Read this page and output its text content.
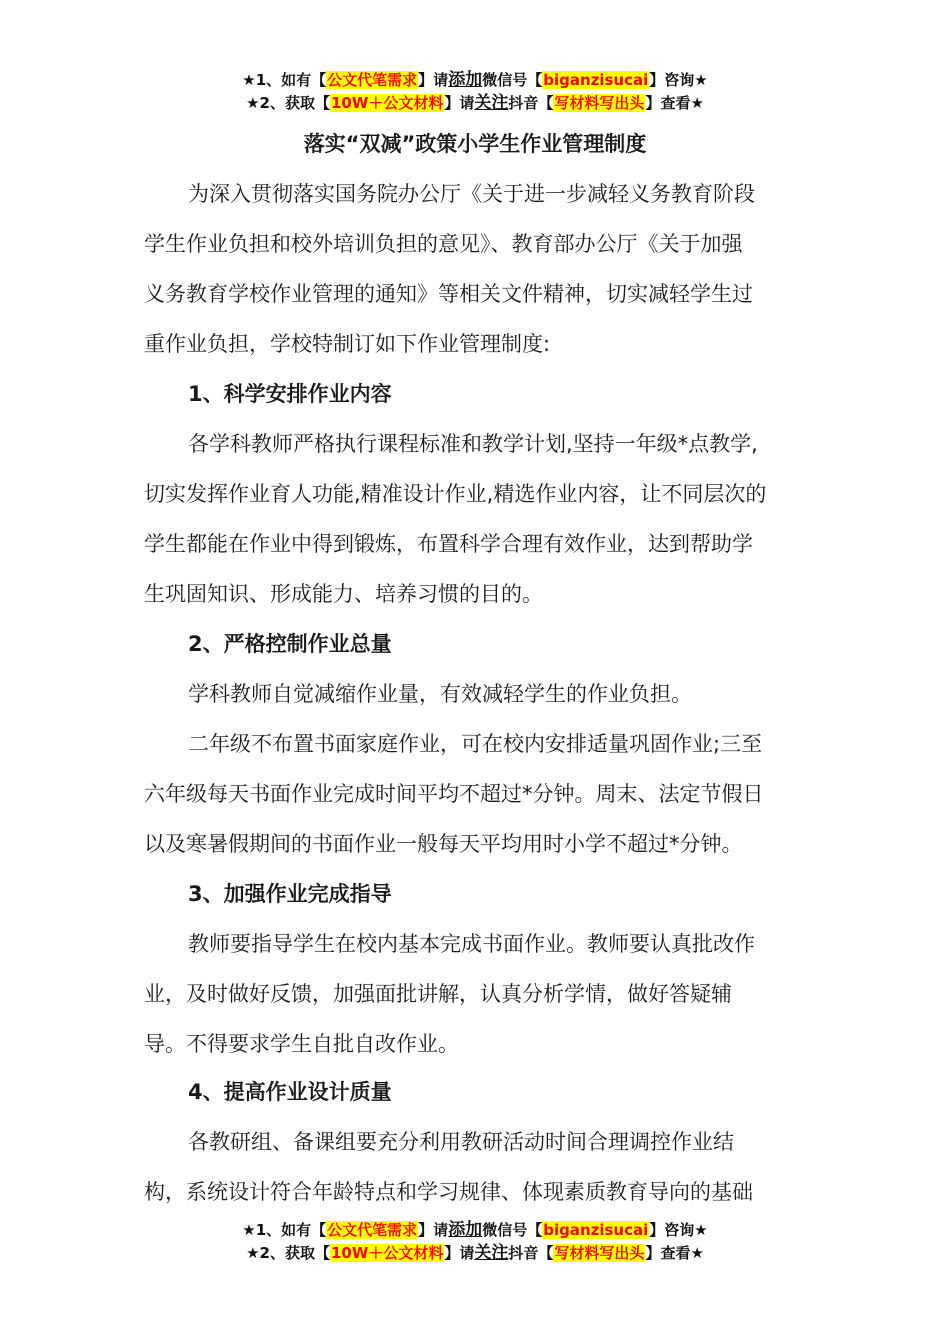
★1、如有【公文代笔需求】请添加微信号【biganzisucai】咨询★
★2、获取【10W＋公文材料】请关注抖音【写材料写出头】查看★
落实“双减”政策小学生作业管理制度
为深入贯彻落实国务院办公厅《关于进一步减轻义务教育阶段
学生作业负担和校外培训负担的意见》、教育部办公厅《关于加强
义务教育学校作业管理的通知》等相关文件精神，切实减轻学生过
重作业负担，学校特制订如下作业管理制度:
1、科学安排作业内容
各学科教师严格执行课程标准和教学计划,坚持一年级*点教学,
切实发挥作业育人功能,精准设计作业,精选作业内容，让不同层次的
学生都能在作业中得到锻炼，布置科学合理有效作业，达到帮助学
生巩固知识、形成能力、培养习惯的目的。
2、严格控制作业总量
学科教师自觉减缩作业量，有效减轻学生的作业负担。
二年级不布置书面家庭作业，可在校内安排适量巩固作业;三至
六年级每天书面作业完成时间平均不超过*分钟。周末、法定节假日
以及寒暑假期间的书面作业一般每天平均用时小学不超过*分钟。
3、加强作业完成指导
教师要指导学生在校内基本完成书面作业。教师要认真批改作
业，及时做好反馈，加强面批讲解，认真分析学情，做好答疑辅
导。不得要求学生自批自改作业。
4、提高作业设计质量
各教研组、备课组要充分利用教研活动时间合理调控作业结
构，系统设计符合年龄特点和学习规律、体现素质教育导向的基础
★1、如有【公文代笔需求】请添加微信号【biganzisucai】咨询★
★2、获取【10W＋公文材料】请关注抖音【写材料写出头】查看★
